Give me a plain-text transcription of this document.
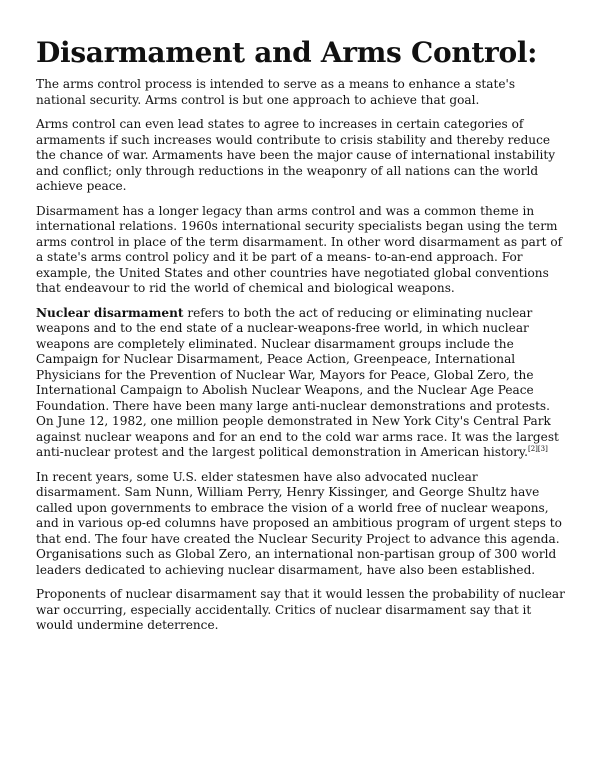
Disarmament and Arms Control:

The arms control process is intended to serve as a means to enhance a state's national security. Arms control is but one approach to achieve that goal.

Arms control can even lead states to agree to increases in certain categories of armaments if such increases would contribute to crisis stability and thereby reduce the chance of war. Armaments have been the major cause of international instability and conflict; only through reductions in the weaponry of all nations can the world achieve peace.

Disarmament has a longer legacy than arms control and was a common theme in international relations. 1960s international security specialists began using the term arms control in place of the term disarmament. In other word disarmament as part of a state's arms control policy and it be part of a means- to-an-end approach. For example, the United States and other countries have negotiated global conventions that endeavour to rid the world of chemical and biological weapons.

Nuclear disarmament refers to both the act of reducing or eliminating nuclear weapons and to the end state of a nuclear-weapons-free world, in which nuclear weapons are completely eliminated. Nuclear disarmament groups include the Campaign for Nuclear Disarmament, Peace Action, Greenpeace, International Physicians for the Prevention of Nuclear War, Mayors for Peace, Global Zero, the International Campaign to Abolish Nuclear Weapons, and the Nuclear Age Peace Foundation. There have been many large anti-nuclear demonstrations and protests. On June 12, 1982, one million people demonstrated in New York City's Central Park against nuclear weapons and for an end to the cold war arms race. It was the largest anti-nuclear protest and the largest political demonstration in American history.[2][3]

In recent years, some U.S. elder statesmen have also advocated nuclear disarmament. Sam Nunn, William Perry, Henry Kissinger, and George Shultz have called upon governments to embrace the vision of a world free of nuclear weapons, and in various op-ed columns have proposed an ambitious program of urgent steps to that end. The four have created the Nuclear Security Project to advance this agenda. Organisations such as Global Zero, an international non-partisan group of 300 world leaders dedicated to achieving nuclear disarmament, have also been established.

Proponents of nuclear disarmament say that it would lessen the probability of nuclear war occurring, especially accidentally. Critics of nuclear disarmament say that it would undermine deterrence.
